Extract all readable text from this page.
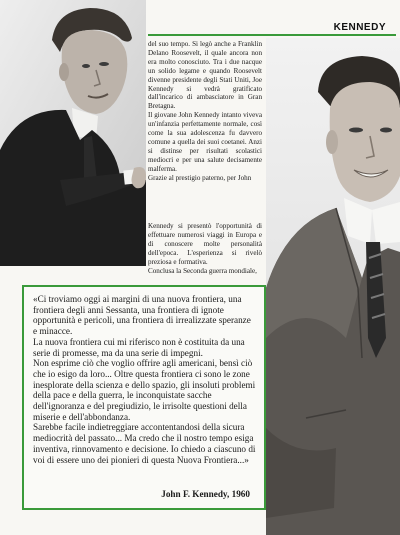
KENNEDY
del suo tempo. Si legò anche a Franklin Delano Roosevelt, il quale ancora non era molto conosciuto. Tra i due nacque un solido legame e quando Roosevelt divenne presidente degli Stati Uniti, Joe Kennedy si vedrà gratificato dall'incarico di ambasciatore in Gran Bretagna.
Il giovane John Kennedy intanto viveva un'infanzia perfettamente normale, così come la sua adolescenza fu davvero comune a quella dei suoi coetanei. Anzi si distinse per risultati scolastici mediocri e per una salute decisamente malferma.
Grazie al prestigio paterno, per John
Kennedy si presentò l'opportunità di effettuare numerosi viaggi in Europa e di conoscere molte personalità dell'epoca. L'esperienza si rivelò preziosa e formativa.
Conclusa la Seconda guerra mondiale,
«Ci troviamo oggi ai margini di una nuova frontiera, una frontiera degli anni Sessanta, una frontiera di ignote opportunità e pericoli, una frontiera di irrealizzate speranze e minacce.
La nuova frontiera cui mi riferisco non è costituita da una serie di promesse, ma da una serie di impegni.
Non esprime ciò che voglio offrire agli americani, bensì ciò che io esigo da loro... Oltre questa frontiera ci sono le zone inesplorate della scienza e dello spazio, gli insoluti problemi della pace e della guerra, le inconquistate sacche dell'ignoranza e del pregiudizio, le irrisolte questioni della miserie e dell'abbondanza.
Sarebbe facile indietreggiare accontentandosi della sicura mediocrità del passato... Ma credo che il nostro tempo esiga inventiva, rinnovamento e decisione. Io chiedo a ciascuno di voi di essere uno dei pionieri di questa Nuova Frontiera...»
John F. Kennedy, 1960
